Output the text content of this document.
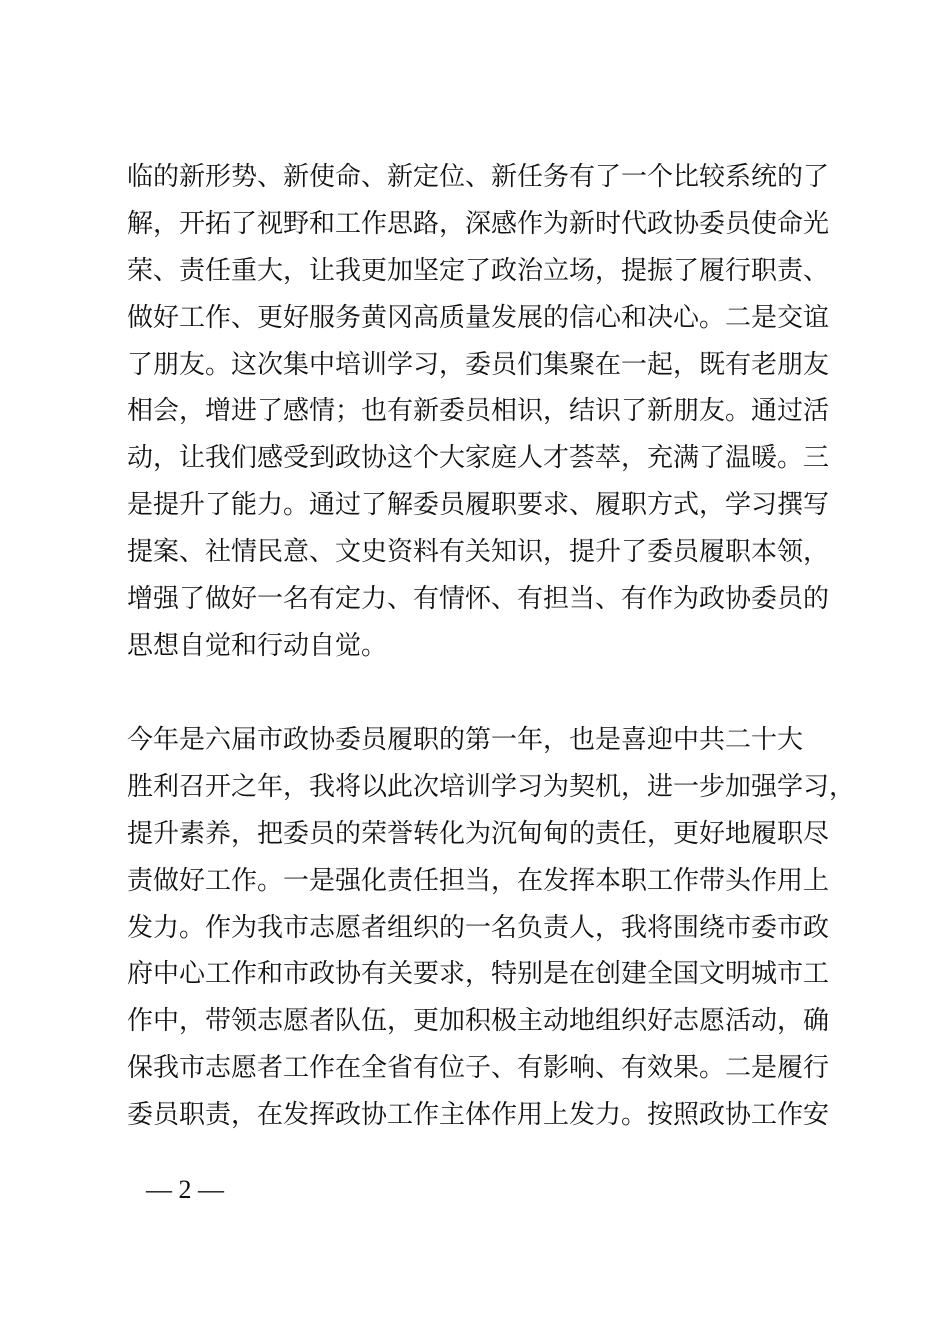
临的新形势、新使命、新定位、新任务有了一个比较系统的了
解，开拓了视野和工作思路，深感作为新时代政协委员使命光
荣、责任重大，让我更加坚定了政治立场，提振了履行职责、
做好工作、更好服务黄冈高质量发展的信心和决心。二是交谊
了朋友。这次集中培训学习，委员们集聚在一起，既有老朋友
相会，增进了感情；也有新委员相识，结识了新朋友。通过活
动，让我们感受到政协这个大家庭人才荟萃，充满了温暖。三
是提升了能力。通过了解委员履职要求、履职方式，学习撰写
提案、社情民意、文史资料有关知识，提升了委员履职本领，
增强了做好一名有定力、有情怀、有担当、有作为政协委员的
思想自觉和行动自觉。
今年是六届市政协委员履职的第一年，也是喜迎中共二十大
胜利召开之年，我将以此次培训学习为契机，进一步加强学习，
提升素养，把委员的荣誉转化为沉甸甸的责任，更好地履职尽
责做好工作。一是强化责任担当，在发挥本职工作带头作用上
发力。作为我市志愿者组织的一名负责人，我将围绕市委市政
府中心工作和市政协有关要求，特别是在创建全国文明城市工
作中，带领志愿者队伍，更加积极主动地组织好志愿活动，确
保我市志愿者工作在全省有位子、有影响、有效果。二是履行
委员职责，在发挥政协工作主体作用上发力。按照政协工作安
— 2 —
